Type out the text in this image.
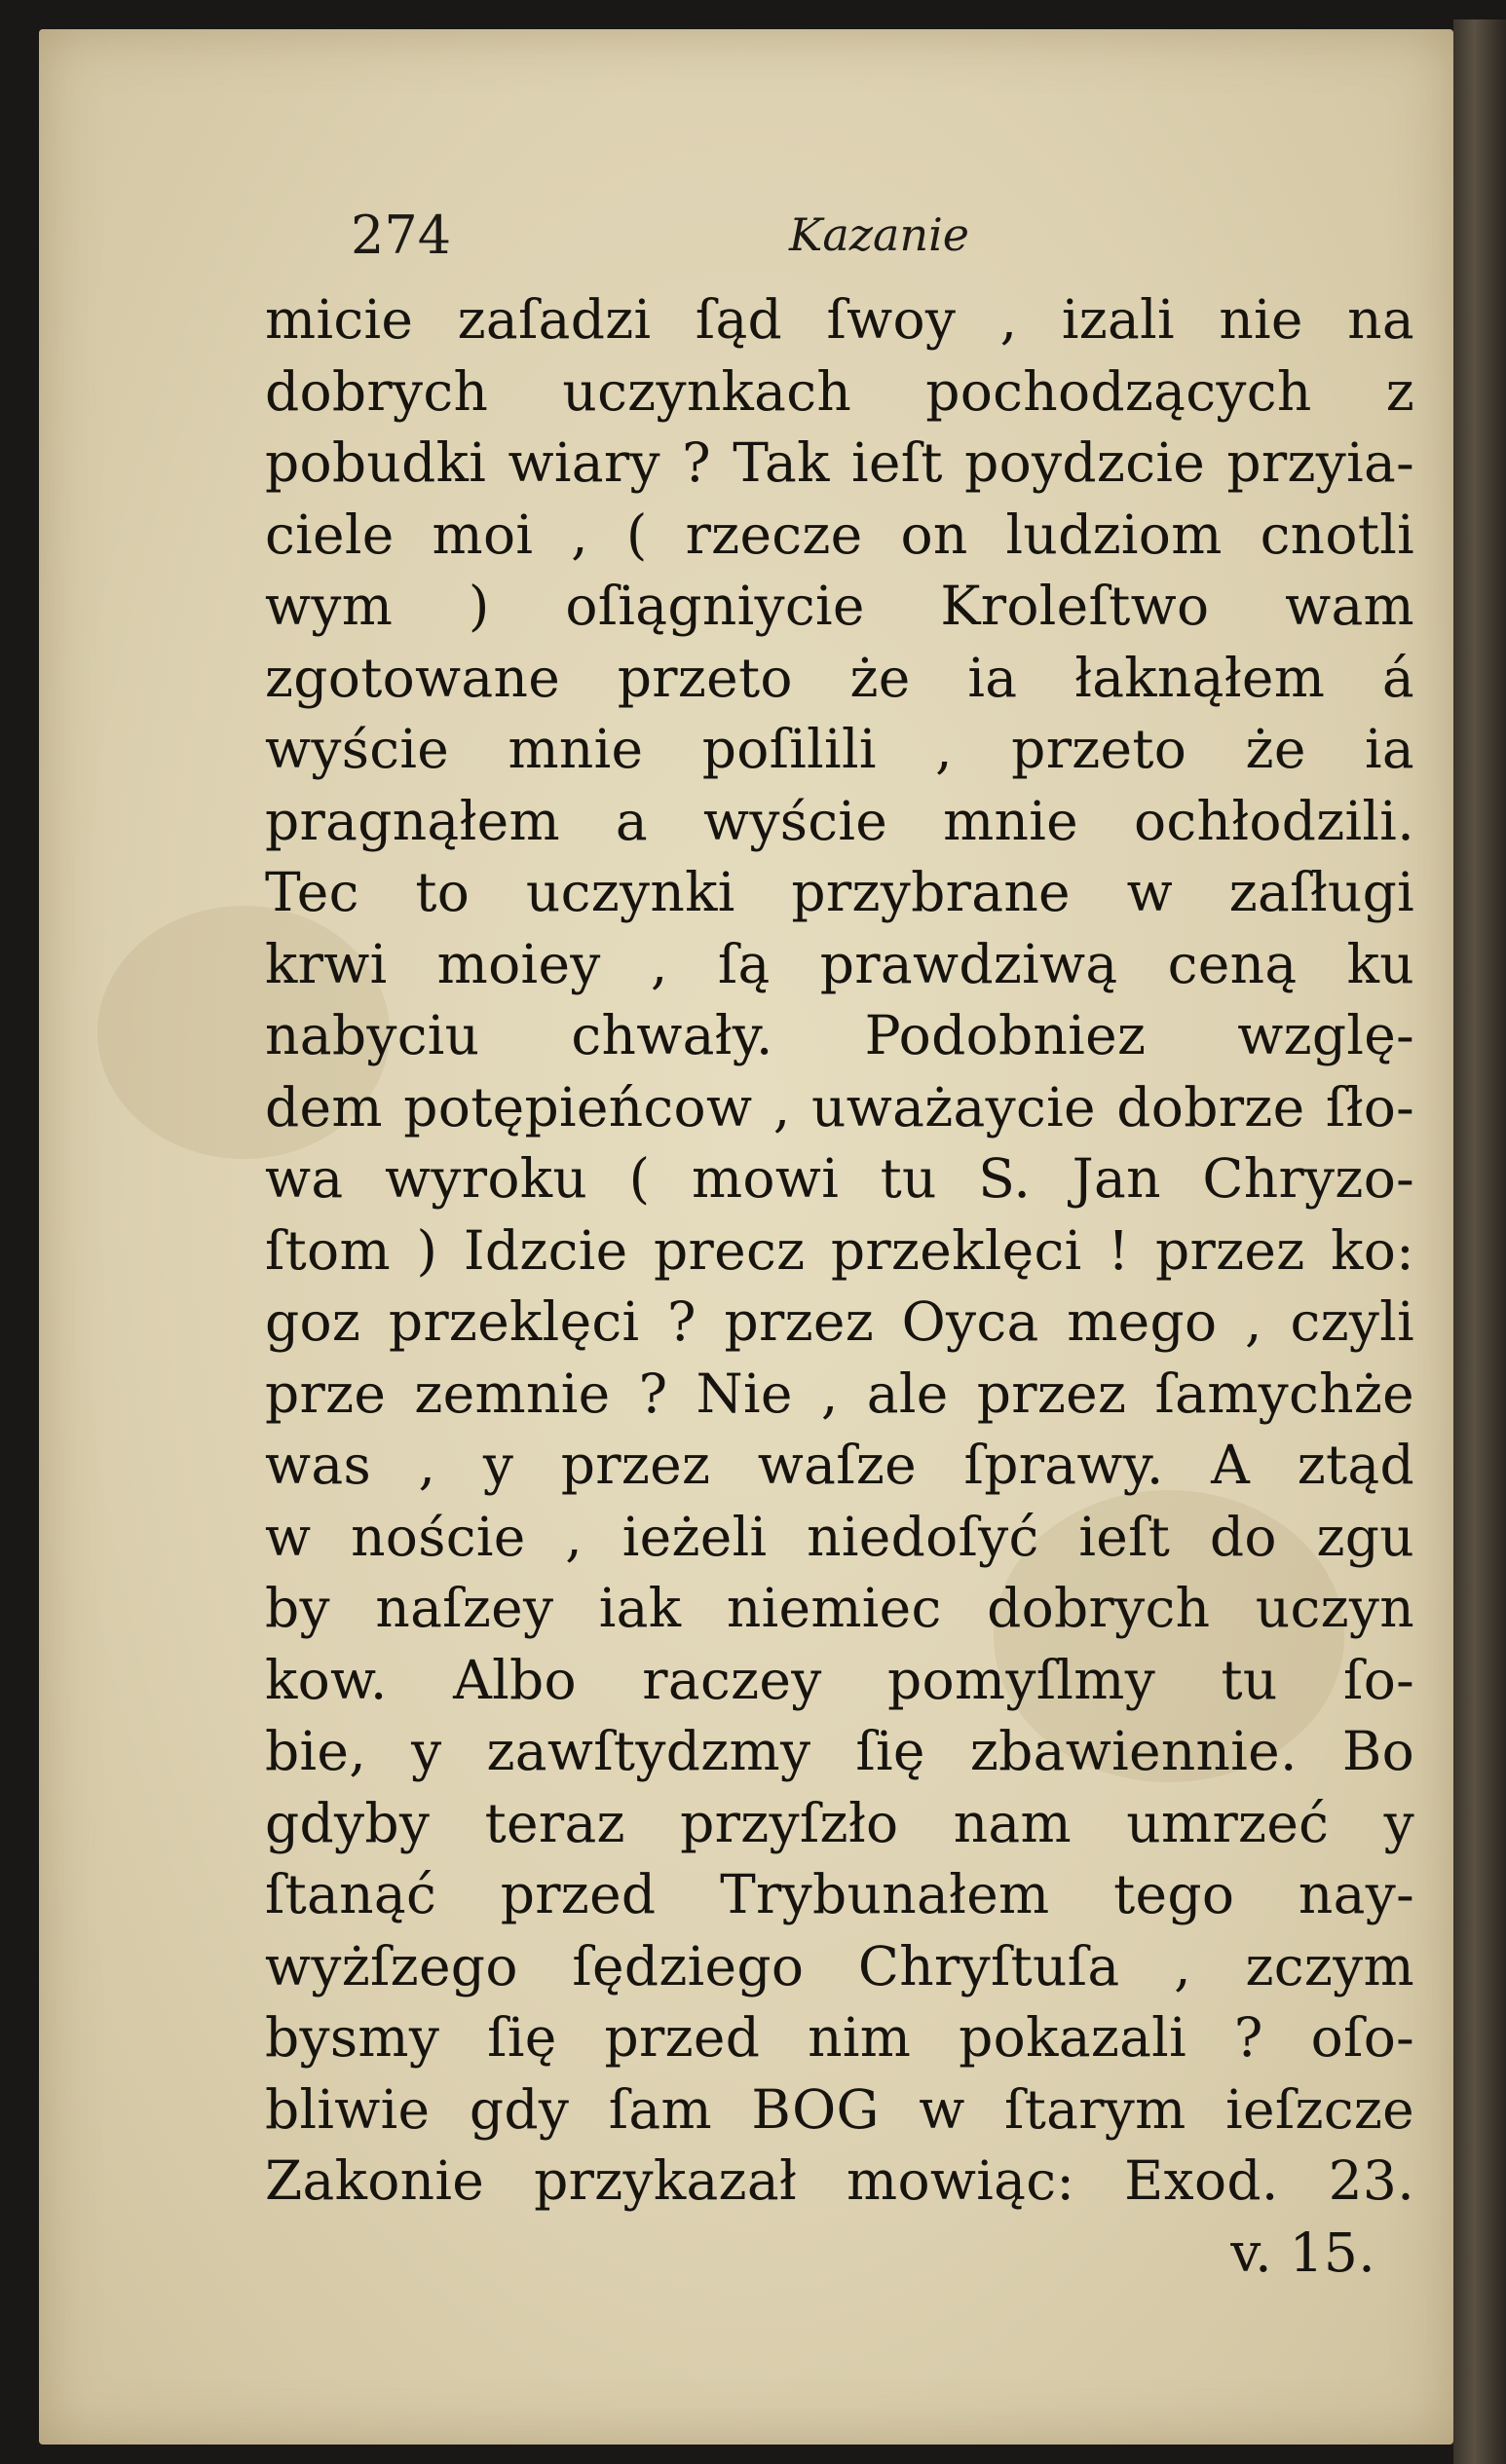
274	Kazanie
micie zaſadzi ſąd ſwoy , izali nie na
dobrych uczynkach pochodzących z
pobudki wiary ? Tak ieſt poydzcie przyia-
ciele moi , ( rzecze on ludziom cnotli
wym ) oſiągniycie Kroleſtwo wam
zgotowane przeto że ia łaknąłem á
wyście mnie poſilili , przeto że ia
pragnąłem a wyście mnie ochłodzili.
Tec to uczynki przybrane w zaſługi
krwi moiey , ſą prawdziwą ceną ku
nabyciu chwały. Podobniez wzglę-
dem potępieńcow , uważaycie dobrze ſło-
wa wyroku ( mowi tu S. Jan Chryzo-
ſtom ) Idzcie precz przeklęci ! przez ko:
goz przeklęci ? przez Oyca mego , czyli
prze zemnie ? Nie , ale przez ſamychże
was , y przez waſze ſprawy. A ztąd
w noście , ieżeli niedoſyć ieſt do zgu
by naſzey iak niemiec dobrych uczyn
kow. Albo raczey pomyſlmy tu ſo-
bie, y zawſtydzmy ſię zbawiennie. Bo
gdyby teraz przyſzło nam umrzeć y
ſtanąć przed Trybunałem tego nay-
wyżſzego ſędziego Chryſtuſa , zczym
bysmy ſię przed nim pokazali ? oſo-
bliwie gdy ſam BOG w ſtarym ieſzcze
Zakonie przykazał mowiąc: Exod. 23.
v. 15.
